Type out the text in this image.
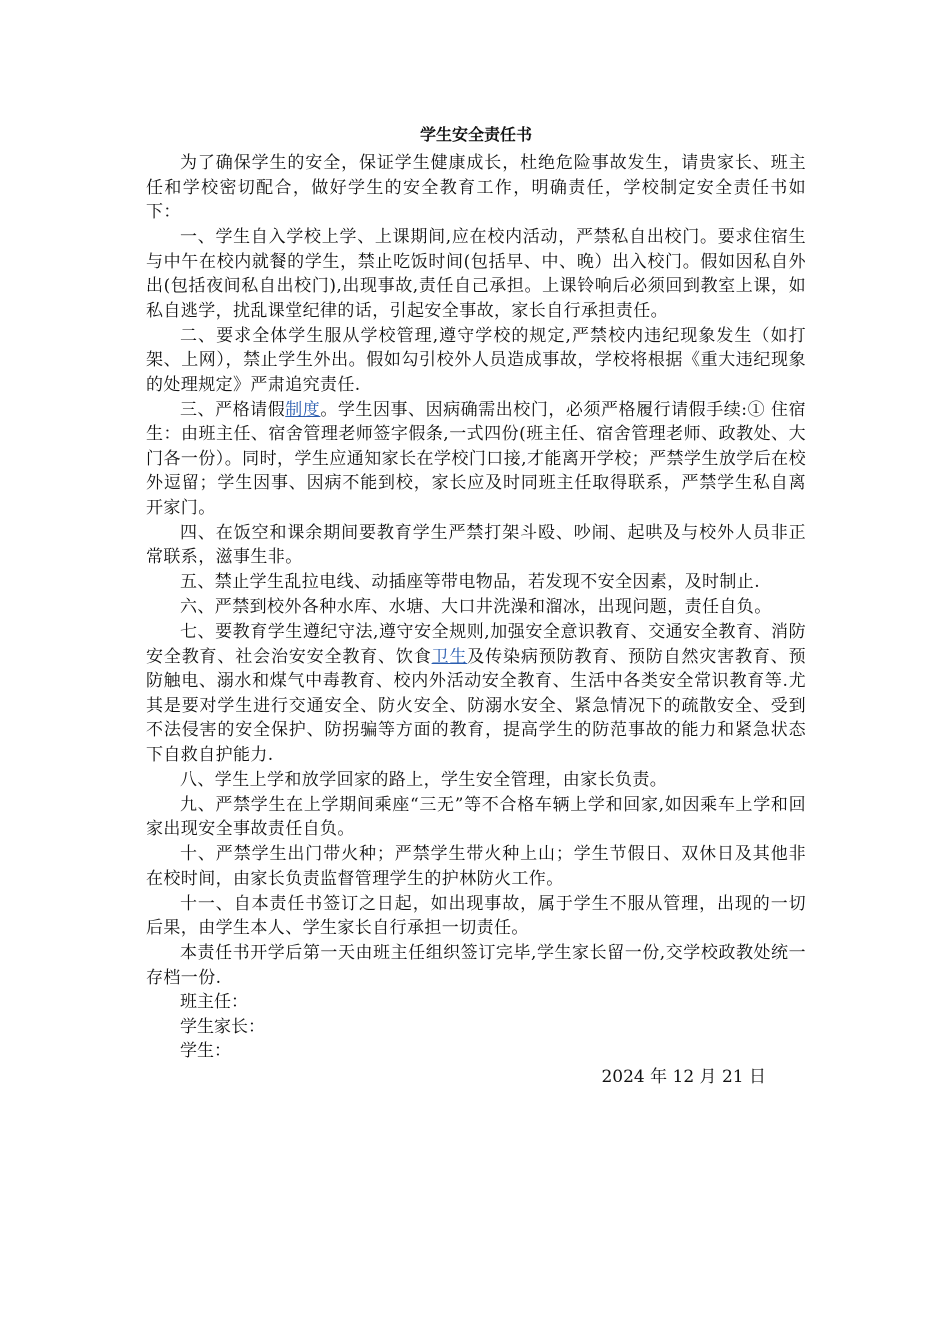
学生安全责任书

为了确保学生的安全，保证学生健康成长，杜绝危险事故发生，请贵家长、班主任和学校密切配合，做好学生的安全教育工作，明确责任，学校制定安全责任书如下：

一、学生自入学校上学、上课期间,应在校内活动，严禁私自出校门。要求住宿生与中午在校内就餐的学生，禁止吃饭时间(包括早、中、晚）出入校门。假如因私自外出(包括夜间私自出校门),出现事故,责任自己承担。上课铃响后必须回到教室上课，如私自逃学，扰乱课堂纪律的话，引起安全事故，家长自行承担责任。

二、要求全体学生服从学校管理,遵守学校的规定,严禁校内违纪现象发生（如打架、上网），禁止学生外出。假如勾引校外人员造成事故，学校将根据《重大违纪现象的处理规定》严肃追究责任.

三、严格请假制度。学生因事、因病确需出校门，必须严格履行请假手续:① 住宿生：由班主任、宿舍管理老师签字假条,一式四份(班主任、宿舍管理老师、政教处、大门各一份）。同时，学生应通知家长在学校门口接,才能离开学校；严禁学生放学后在校外逗留；学生因事、因病不能到校，家长应及时同班主任取得联系，严禁学生私自离开家门。

四、在饭空和课余期间要教育学生严禁打架斗殴、吵闹、起哄及与校外人员非正常联系，滋事生非。

五、禁止学生乱拉电线、动插座等带电物品，若发现不安全因素，及时制止.

六、严禁到校外各种水库、水塘、大口井洗澡和溜冰，出现问题，责任自负。

七、要教育学生遵纪守法,遵守安全规则,加强安全意识教育、交通安全教育、消防安全教育、社会治安安全教育、饮食卫生及传染病预防教育、预防自然灾害教育、预防触电、溺水和煤气中毒教育、校内外活动安全教育、生活中各类安全常识教育等.尤其是要对学生进行交通安全、防火安全、防溺水安全、紧急情况下的疏散安全、受到不法侵害的安全保护、防拐骗等方面的教育，提高学生的防范事故的能力和紧急状态下自救自护能力.

八、学生上学和放学回家的路上，学生安全管理，由家长负责。

九、严禁学生在上学期间乘座“三无”等不合格车辆上学和回家,如因乘车上学和回家出现安全事故责任自负。

十、严禁学生出门带火种；严禁学生带火种上山；学生节假日、双休日及其他非在校时间，由家长负责监督管理学生的护林防火工作。

十一、自本责任书签订之日起，如出现事故，属于学生不服从管理，出现的一切后果，由学生本人、学生家长自行承担一切责任。

本责任书开学后第一天由班主任组织签订完毕,学生家长留一份,交学校政教处统一存档一份.

班主任：

学生家长：

学生：

2024 年 12 月 21 日
